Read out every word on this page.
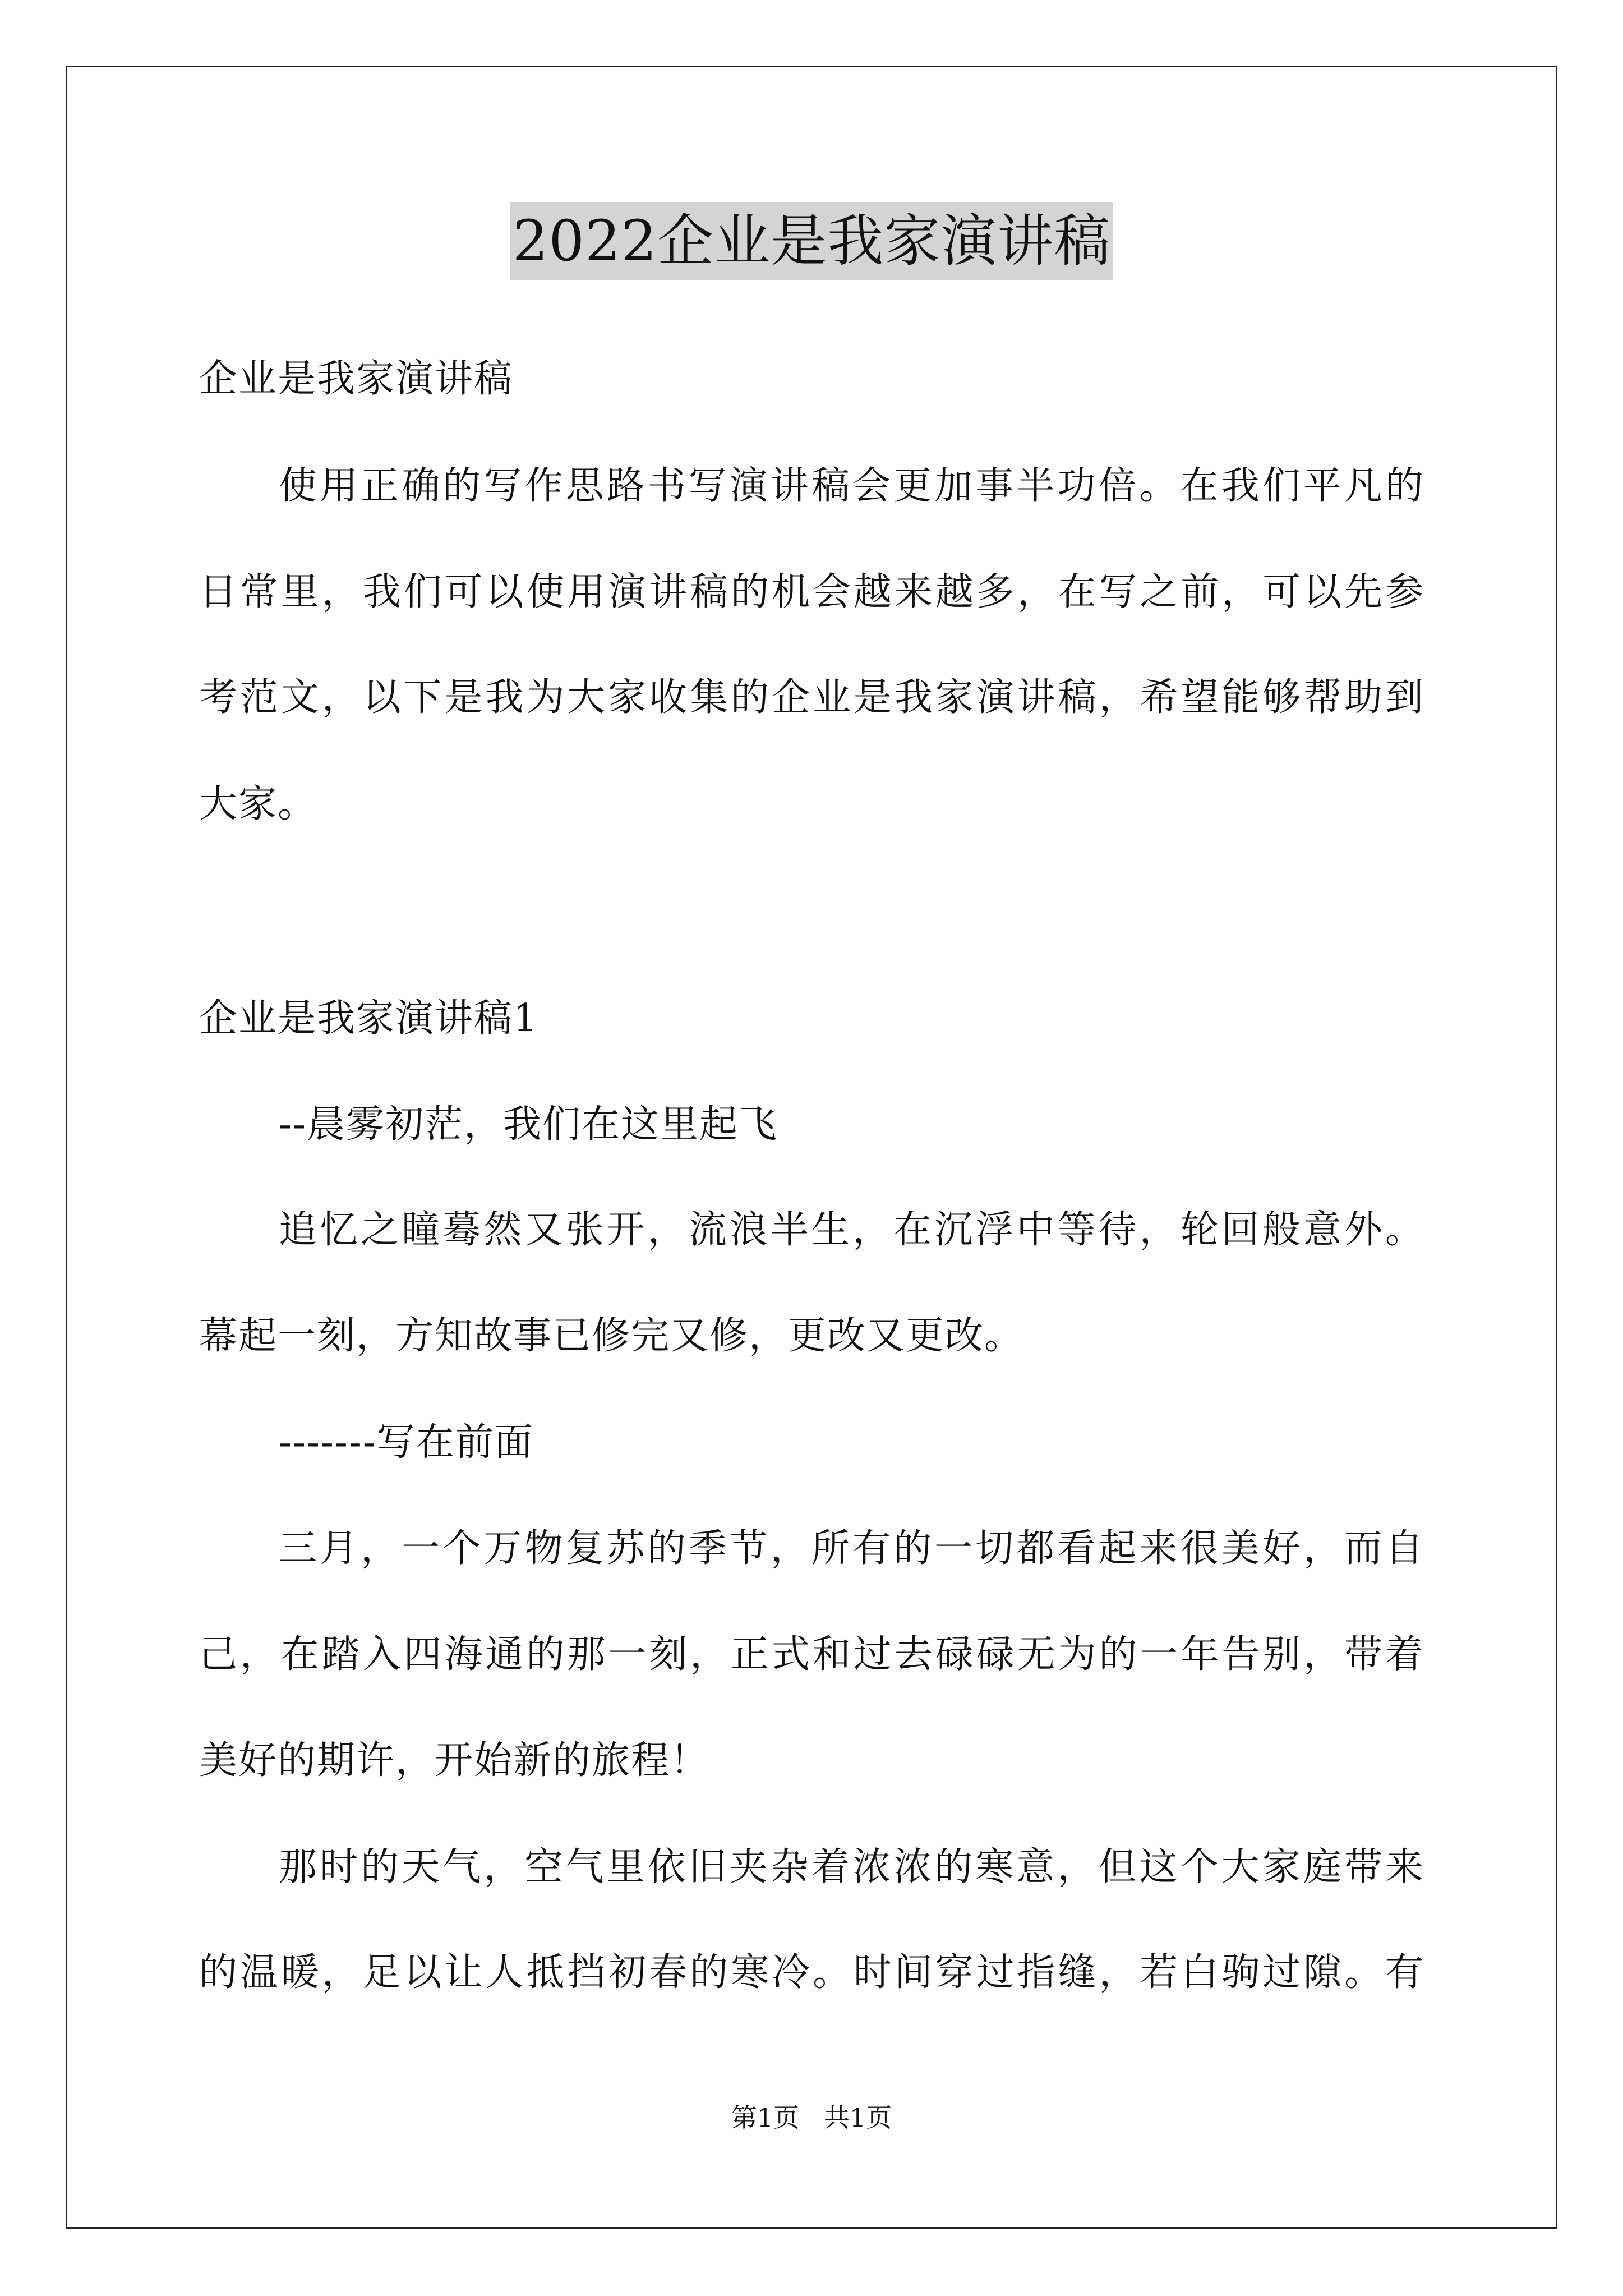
2022企业是我家演讲稿
企业是我家演讲稿
使用正确的写作思路书写演讲稿会更加事半功倍。在我们平凡的
日常里，我们可以使用演讲稿的机会越来越多，在写之前，可以先参
考范文，以下是我为大家收集的企业是我家演讲稿，希望能够帮助到
大家。
企业是我家演讲稿1
--晨雾初茫，我们在这里起飞
追忆之瞳蓦然又张开，流浪半生，在沉浮中等待，轮回般意外。
幕起一刻，方知故事已修完又修，更改又更改。
-------写在前面
三月，一个万物复苏的季节，所有的一切都看起来很美好，而自
己，在踏入四海通的那一刻，正式和过去碌碌无为的一年告别，带着
美好的期许，开始新的旅程！
那时的天气，空气里依旧夹杂着浓浓的寒意，但这个大家庭带来
的温暖，足以让人抵挡初春的寒冷。时间穿过指缝，若白驹过隙。有
第1页   共1页
